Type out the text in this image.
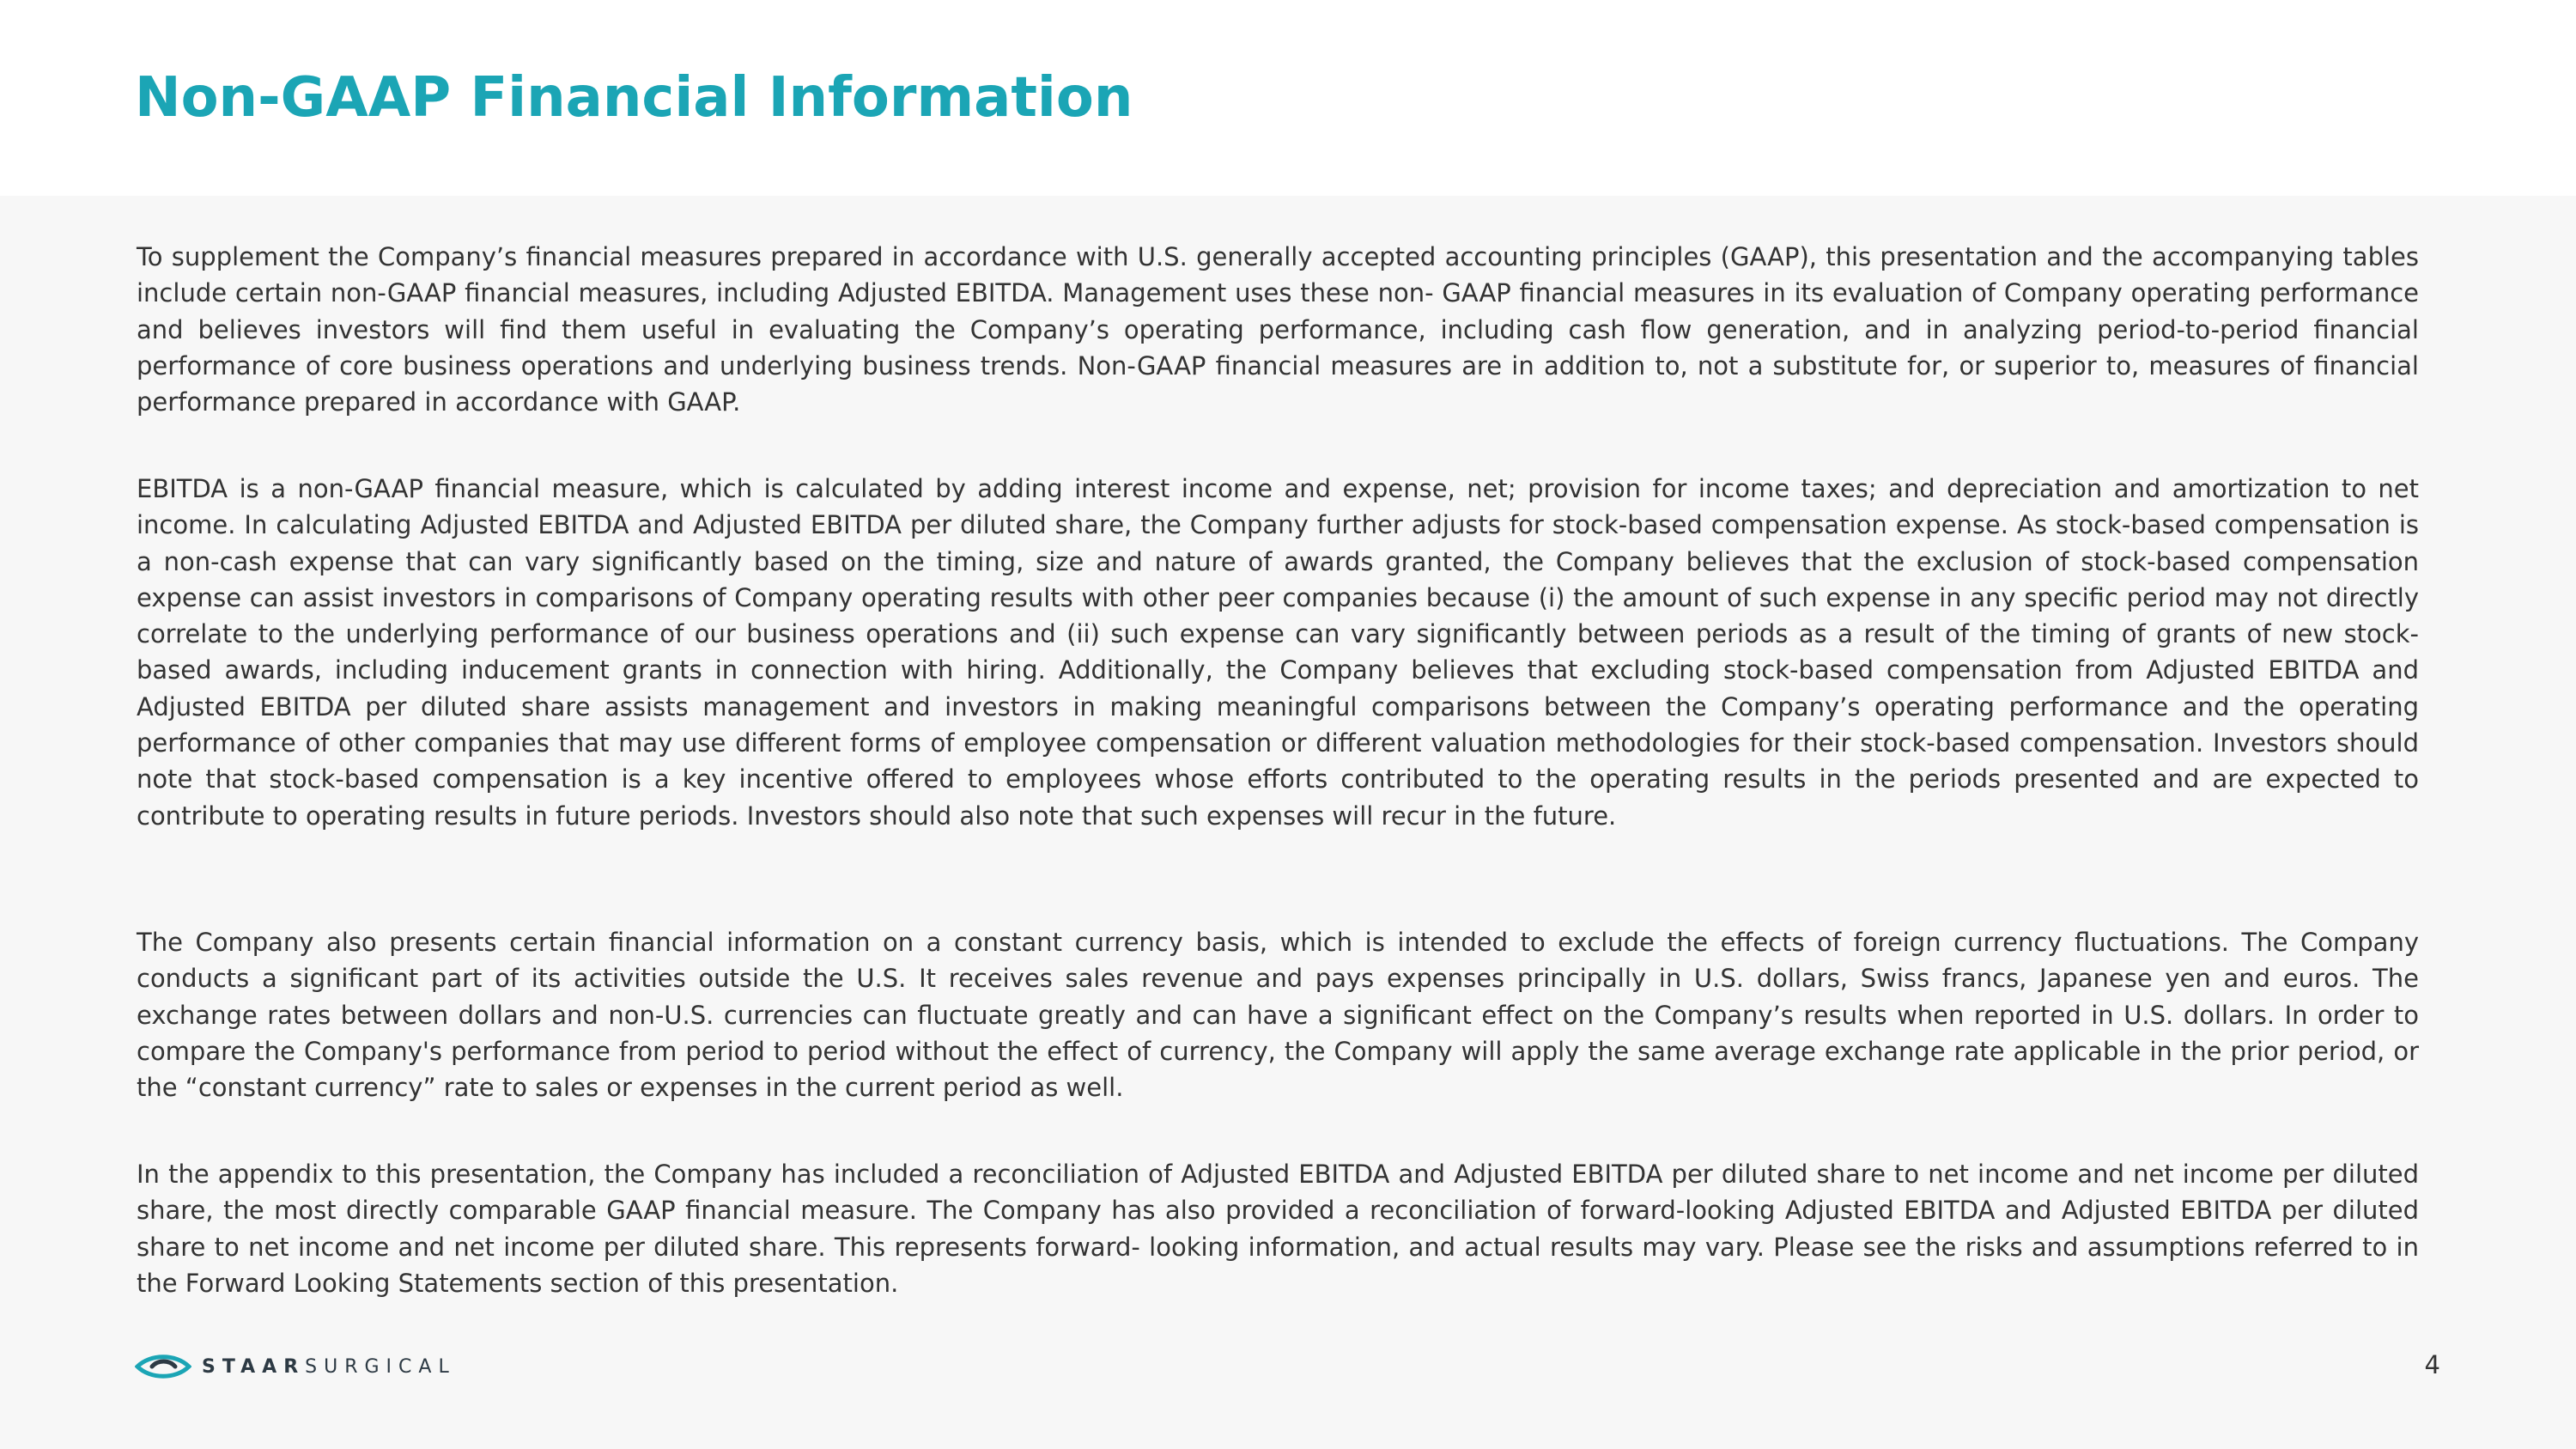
Non-GAAP Financial Information

To supplement the Company’s financial measures prepared in accordance with U.S. generally accepted accounting principles (GAAP), this presentation and the accompanying tables include certain non-GAAP financial measures, including Adjusted EBITDA. Management uses these non- GAAP financial measures in its evaluation of Company operating performance and believes investors will find them useful in evaluating the Company’s operating performance, including cash flow generation, and in analyzing period-to-period financial performance of core business operations and underlying business trends. Non-GAAP financial measures are in addition to, not a substitute for, or superior to, measures of financial performance prepared in accordance with GAAP.

EBITDA is a non-GAAP financial measure, which is calculated by adding interest income and expense, net; provision for income taxes; and depreciation and amortization to net income. In calculating Adjusted EBITDA and Adjusted EBITDA per diluted share, the Company further adjusts for stock-based compensation expense. As stock-based compensation is a non-cash expense that can vary significantly based on the timing, size and nature of awards granted, the Company believes that the exclusion of stock-based compensation expense can assist investors in comparisons of Company operating results with other peer companies because (i) the amount of such expense in any specific period may not directly correlate to the underlying performance of our business operations and (ii) such expense can vary significantly between periods as a result of the timing of grants of new stock- based awards, including inducement grants in connection with hiring. Additionally, the Company believes that excluding stock-based compensation from Adjusted EBITDA and Adjusted EBITDA per diluted share assists management and investors in making meaningful comparisons between the Company’s operating performance and the operating performance of other companies that may use different forms of employee compensation or different valuation methodologies for their stock-based compensation. Investors should note that stock-based compensation is a key incentive offered to employees whose efforts contributed to the operating results in the periods presented and are expected to contribute to operating results in future periods. Investors should also note that such expenses will recur in the future.

The Company also presents certain financial information on a constant currency basis, which is intended to exclude the effects of foreign currency fluctuations. The Company conducts a significant part of its activities outside the U.S. It receives sales revenue and pays expenses principally in U.S. dollars, Swiss francs, Japanese yen and euros. The exchange rates between dollars and non-U.S. currencies can fluctuate greatly and can have a significant effect on the Company’s results when reported in U.S. dollars. In order to compare the Company's performance from period to period without the effect of currency, the Company will apply the same average exchange rate applicable in the prior period, or the “constant currency” rate to sales or expenses in the current period as well.

In the appendix to this presentation, the Company has included a reconciliation of Adjusted EBITDA and Adjusted EBITDA per diluted share to net income and net income per diluted share, the most directly comparable GAAP financial measure. The Company has also provided a reconciliation of forward-looking Adjusted EBITDA and Adjusted EBITDA per diluted share to net income and net income per diluted share. This represents forward- looking information, and actual results may vary. Please see the risks and assumptions referred to in the Forward Looking Statements section of this presentation.

STAARSURGICAL	4
